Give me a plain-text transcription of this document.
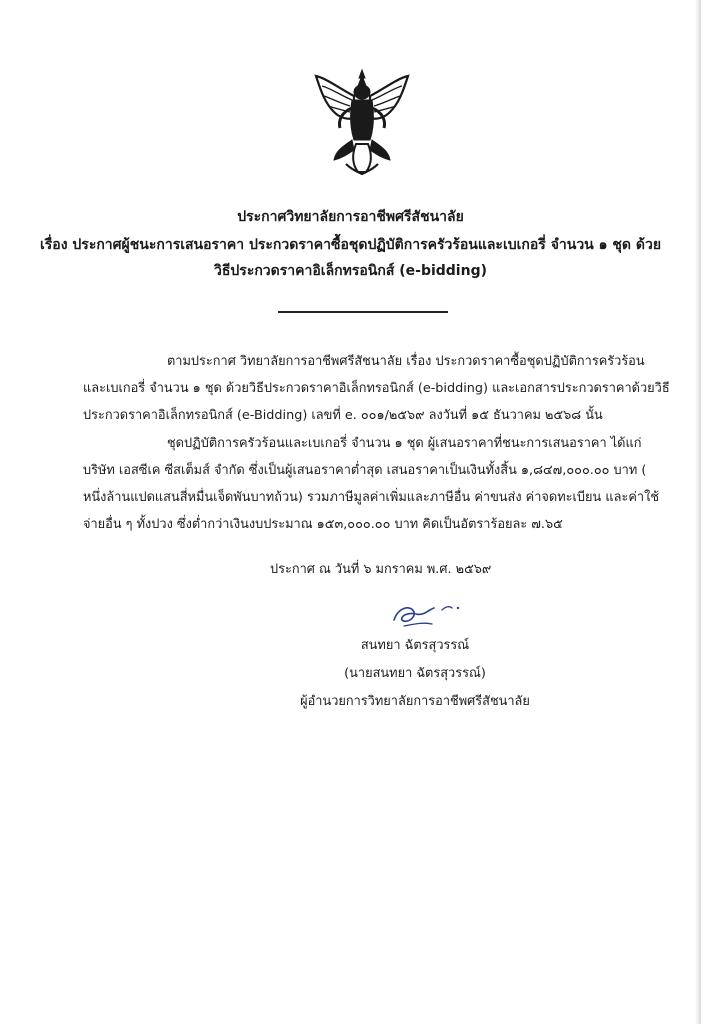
ประกาศวิทยาลัยการอาชีพศรีสัชนาลัย
เรื่อง ประกาศผู้ชนะการเสนอราคา ประกวดราคาซื้อชุดปฏิบัติการครัวร้อนและเบเกอรี่ จำนวน ๑ ชุด ด้วย
วิธีประกวดราคาอิเล็กทรอนิกส์ (e-bidding)
ตามประกาศ วิทยาลัยการอาชีพศรีสัชนาลัย เรื่อง ประกวดราคาซื้อชุดปฏิบัติการครัวร้อน
และเบเกอรี่ จำนวน ๑ ชุด ด้วยวิธีประกวดราคาอิเล็กทรอนิกส์ (e-bidding) และเอกสารประกวดราคาด้วยวิธี
ประกวดราคาอิเล็กทรอนิกส์ (e-Bidding) เลขที่ e. ๐๐๑/๒๕๖๙ ลงวันที่ ๑๕ ธันวาคม ๒๕๖๘ นั้น
ชุดปฏิบัติการครัวร้อนและเบเกอรี่ จำนวน ๑ ชุด ผู้เสนอราคาที่ชนะการเสนอราคา ได้แก่
บริษัท เอสซีเค ซีสเต็มส์ จำกัด ซึ่งเป็นผู้เสนอราคาต่ำสุด เสนอราคาเป็นเงินทั้งสิ้น ๑,๘๔๗,๐๐๐.๐๐ บาท (
หนึ่งล้านแปดแสนสี่หมื่นเจ็ดพันบาทถ้วน) รวมภาษีมูลค่าเพิ่มและภาษีอื่น ค่าขนส่ง ค่าจดทะเบียน และค่าใช้
จ่ายอื่น ๆ ทั้งปวง ซึ่งต่ำกว่าเงินงบประมาณ ๑๕๓,๐๐๐.๐๐ บาท คิดเป็นอัตราร้อยละ ๗.๖๕
ประกาศ ณ วันที่ ๖ มกราคม พ.ศ. ๒๕๖๙
สนทยา ฉัตรสุวรรณ์
(นายสนทยา ฉัตรสุวรรณ์)
ผู้อำนวยการวิทยาลัยการอาชีพศรีสัชนาลัย
